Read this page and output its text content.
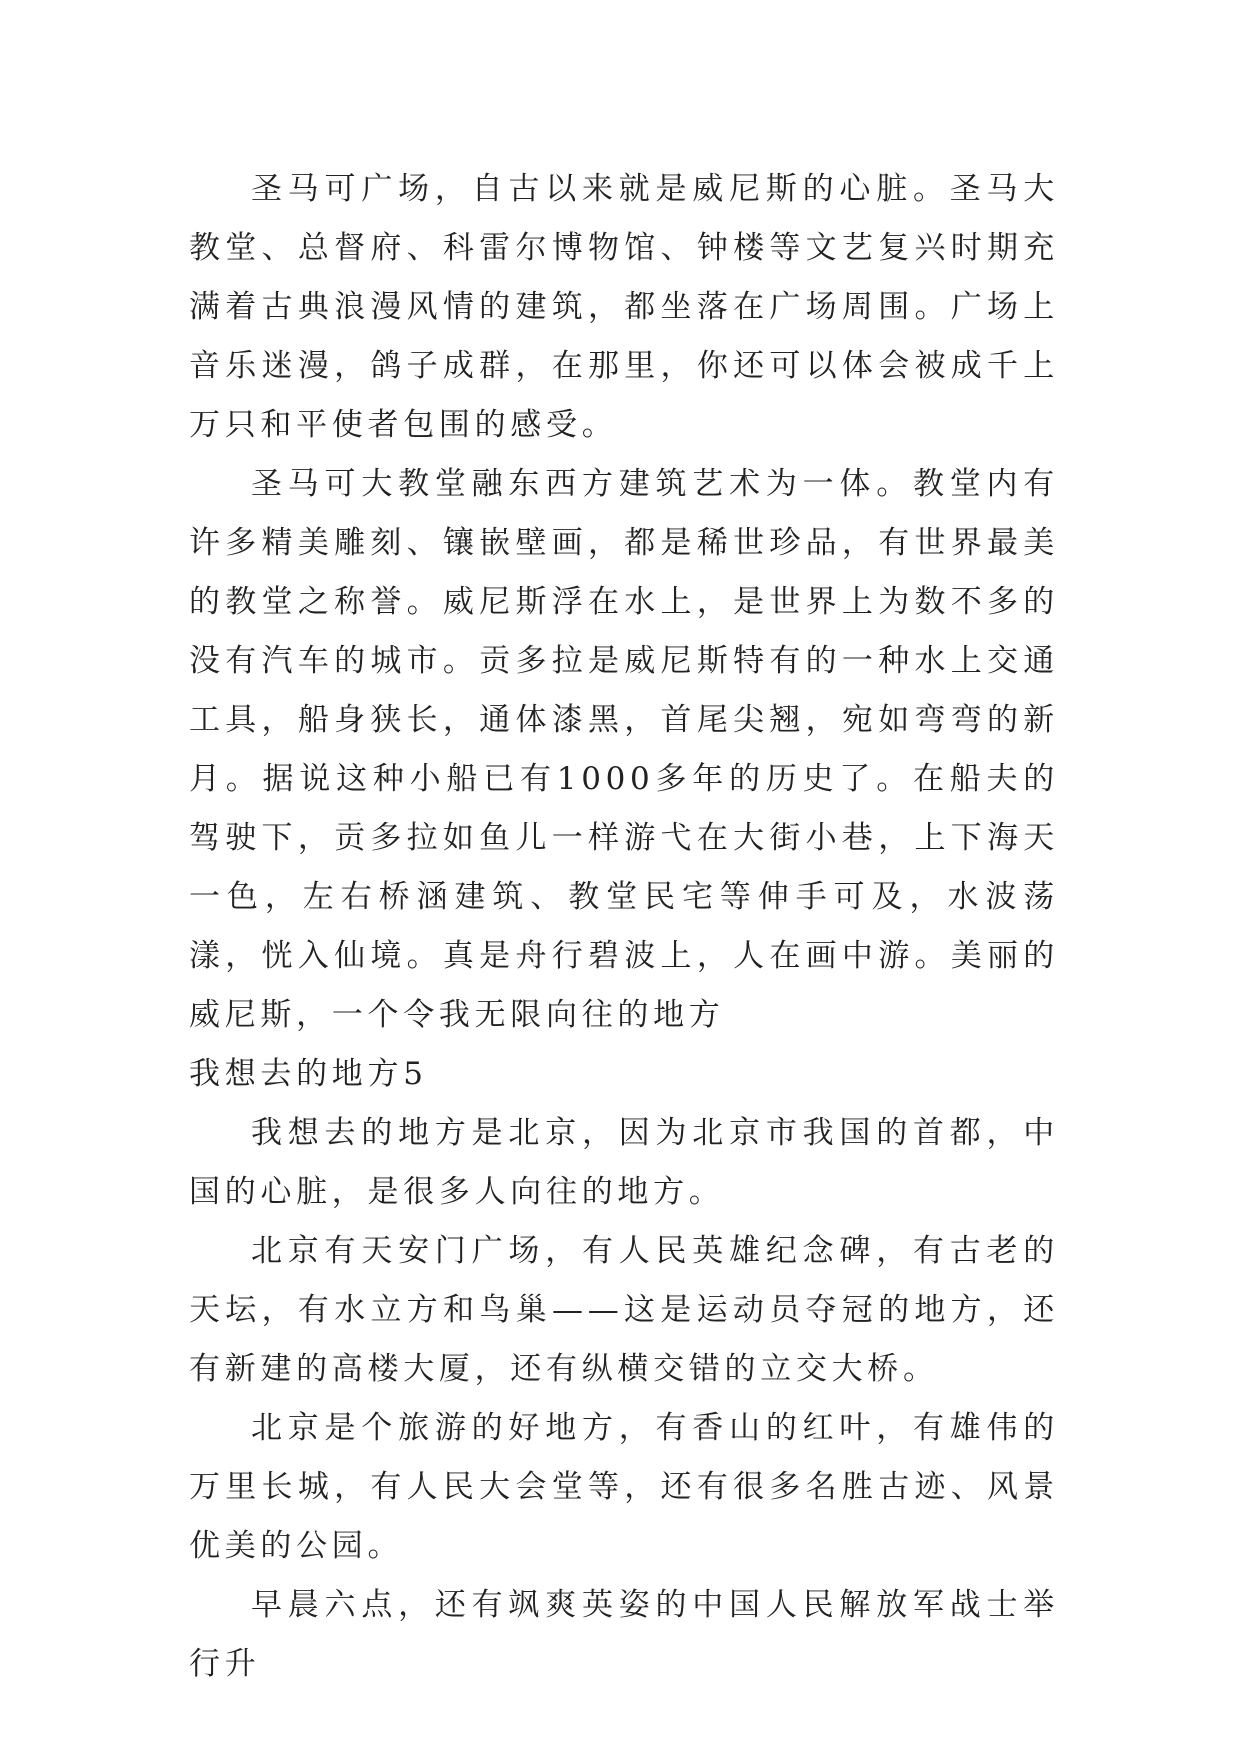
圣马可广场，自古以来就是威尼斯的心脏。圣马大教堂、总督府、科雷尔博物馆、钟楼等文艺复兴时期充满着古典浪漫风情的建筑，都坐落在广场周围。广场上音乐迷漫，鸽子成群，在那里，你还可以体会被成千上万只和平使者包围的感受。

圣马可大教堂融东西方建筑艺术为一体。教堂内有许多精美雕刻、镶嵌壁画，都是稀世珍品，有世界最美的教堂之称誉。威尼斯浮在水上，是世界上为数不多的没有汽车的城市。贡多拉是威尼斯特有的一种水上交通工具，船身狭长，通体漆黑，首尾尖翘，宛如弯弯的新月。据说这种小船已有1000多年的历史了。在船夫的驾驶下，贡多拉如鱼儿一样游弋在大街小巷，上下海天一色，左右桥涵建筑、教堂民宅等伸手可及，水波荡漾，恍入仙境。真是舟行碧波上，人在画中游。美丽的威尼斯，一个令我无限向往的地方

我想去的地方5

我想去的地方是北京，因为北京市我国的首都，中国的心脏，是很多人向往的地方。

北京有天安门广场，有人民英雄纪念碑，有古老的天坛，有水立方和鸟巢——这是运动员夺冠的地方，还有新建的高楼大厦，还有纵横交错的立交大桥。

北京是个旅游的好地方，有香山的红叶，有雄伟的万里长城，有人民大会堂等，还有很多名胜古迹、风景优美的公园。

早晨六点，还有飒爽英姿的中国人民解放军战士举行升
